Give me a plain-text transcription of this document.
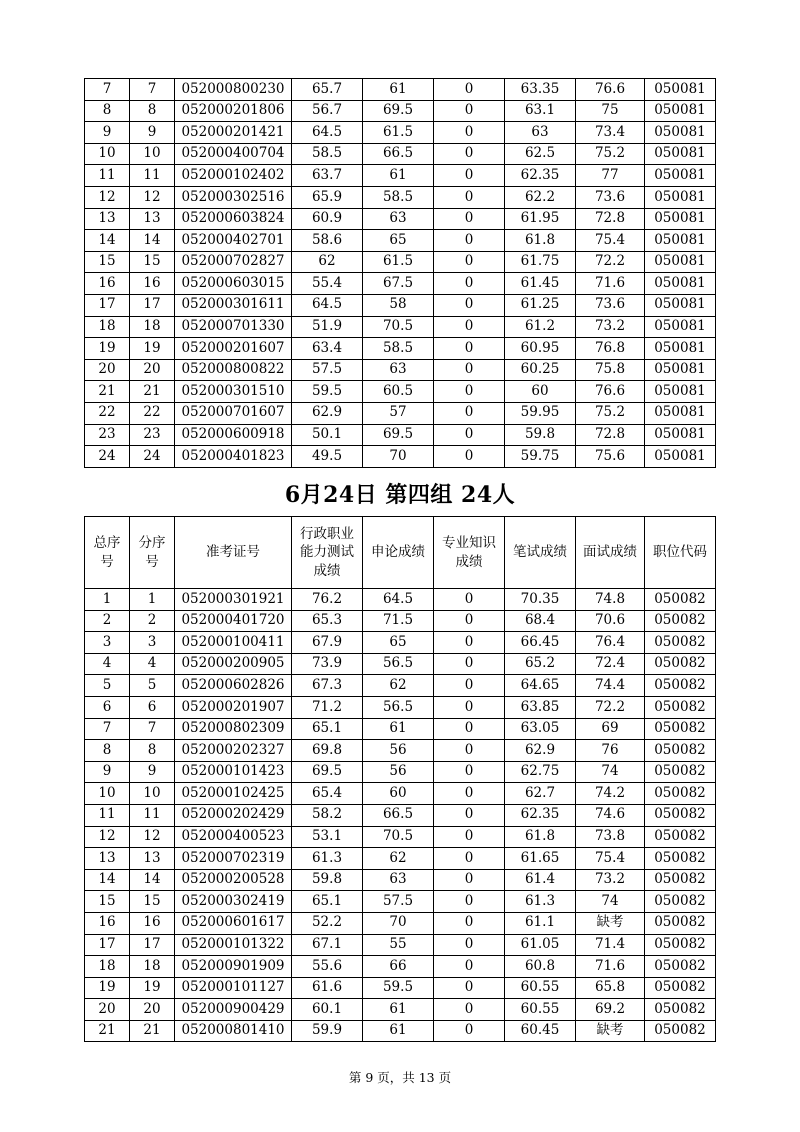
7	7	052000800230	65.7	61	0	63.35	76.6	050081
8	8	052000201806	56.7	69.5	0	63.1	75	050081
9	9	052000201421	64.5	61.5	0	63	73.4	050081
10	10	052000400704	58.5	66.5	0	62.5	75.2	050081
11	11	052000102402	63.7	61	0	62.35	77	050081
12	12	052000302516	65.9	58.5	0	62.2	73.6	050081
13	13	052000603824	60.9	63	0	61.95	72.8	050081
14	14	052000402701	58.6	65	0	61.8	75.4	050081
15	15	052000702827	62	61.5	0	61.75	72.2	050081
16	16	052000603015	55.4	67.5	0	61.45	71.6	050081
17	17	052000301611	64.5	58	0	61.25	73.6	050081
18	18	052000701330	51.9	70.5	0	61.2	73.2	050081
19	19	052000201607	63.4	58.5	0	60.95	76.8	050081
20	20	052000800822	57.5	63	0	60.25	75.8	050081
21	21	052000301510	59.5	60.5	0	60	76.6	050081
22	22	052000701607	62.9	57	0	59.95	75.2	050081
23	23	052000600918	50.1	69.5	0	59.8	72.8	050081
24	24	052000401823	49.5	70	0	59.75	75.6	050081
6月24日 第四组 24人
总序号	分序号	准考证号	行政职业能力测试成绩	申论成绩	专业知识成绩	笔试成绩	面试成绩	职位代码
1	1	052000301921	76.2	64.5	0	70.35	74.8	050082
2	2	052000401720	65.3	71.5	0	68.4	70.6	050082
3	3	052000100411	67.9	65	0	66.45	76.4	050082
4	4	052000200905	73.9	56.5	0	65.2	72.4	050082
5	5	052000602826	67.3	62	0	64.65	74.4	050082
6	6	052000201907	71.2	56.5	0	63.85	72.2	050082
7	7	052000802309	65.1	61	0	63.05	69	050082
8	8	052000202327	69.8	56	0	62.9	76	050082
9	9	052000101423	69.5	56	0	62.75	74	050082
10	10	052000102425	65.4	60	0	62.7	74.2	050082
11	11	052000202429	58.2	66.5	0	62.35	74.6	050082
12	12	052000400523	53.1	70.5	0	61.8	73.8	050082
13	13	052000702319	61.3	62	0	61.65	75.4	050082
14	14	052000200528	59.8	63	0	61.4	73.2	050082
15	15	052000302419	65.1	57.5	0	61.3	74	050082
16	16	052000601617	52.2	70	0	61.1	缺考	050082
17	17	052000101322	67.1	55	0	61.05	71.4	050082
18	18	052000901909	55.6	66	0	60.8	71.6	050082
19	19	052000101127	61.6	59.5	0	60.55	65.8	050082
20	20	052000900429	60.1	61	0	60.55	69.2	050082
21	21	052000801410	59.9	61	0	60.45	缺考	050082
第 9 页，共 13 页
